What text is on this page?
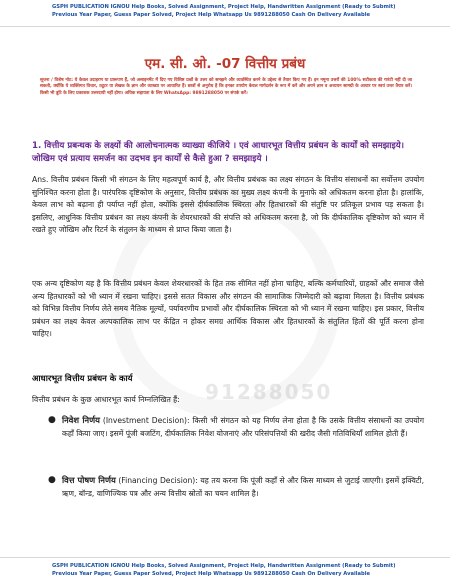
GSPH PUBLICATION IGNOU Help Books, Solved Assignment, Project Help, Handwritten Assignment (Ready to Submit)
Previous Year Paper, Guess Paper Solved, Project Help Whatsapp Us 9891288050 Cash On Delivery Available
91288050
एम. सी. ओ. -07 वित्तीय प्रबंध
सूचना / विशेष नोट: ये केवल उदाहरण या प्रारूपण हैं, जो असाइनमेंट में दिए गए विशिष्ट प्रश्नों के उत्तर को समझने और व्यवस्थित करने के उद्देश्य से तैयार किए गए हैं। इन नमूना उत्तरों की 100% सटीकता की गारंटी नहीं दी जा सकती, क्योंकि ये व्यक्तिगत विचार, ट्यूटर या लेखक के ज्ञान और व्याख्या पर आधारित हैं। छात्रों से अनुरोध है कि इनका उपयोग केवल मार्गदर्शन के रूप में करें और अपने ज्ञान व अध्ययन सामग्री के आधार पर स्वयं उत्तर तैयार करें। किसी भी त्रुटि के लिए प्रकाशक उत्तरदायी नहीं होगा। अधिक सहायता के लिए WhatsApp: 9891288050 पर संपर्क करें।
1. वित्तीय प्रबन्धक के लक्ष्यों की आलोचनात्मक व्याख्या कीजिये । एवं आधारभूत वित्तीय प्रबंधन के कार्यों को समझाइये। जोखिम एवं प्रत्याय समर्जन का उदभव इन कार्यों से कैसे हुआ ? समझाइये ।
Ans. वित्तीय प्रबंधन किसी भी संगठन के लिए महत्वपूर्ण कार्य है, और वित्तीय प्रबंधक का लक्ष्य संगठन के वित्तीय संसाधनों का सर्वोत्तम उपयोग सुनिश्चित करना होता है। पारंपरिक दृष्टिकोण के अनुसार, वित्तीय प्रबंधक का मुख्य लक्ष्य कंपनी के मुनाफे को अधिकतम करना होता है। हालांकि, केवल लाभ को बढ़ाना ही पर्याप्त नहीं होता, क्योंकि इससे दीर्घकालिक स्थिरता और हितधारकों की संतुष्टि पर प्रतिकूल प्रभाव पड़ सकता है। इसलिए, आधुनिक वित्तीय प्रबंधन का लक्ष्य कंपनी के शेयरधारकों की संपत्ति को अधिकतम करना है, जो कि दीर्घकालिक दृष्टिकोण को ध्यान में रखते हुए जोखिम और रिटर्न के संतुलन के माध्यम से प्राप्त किया जाता है।
एक अन्य दृष्टिकोण यह है कि वित्तीय प्रबंधन केवल शेयरधारकों के हित तक सीमित नहीं होना चाहिए, बल्कि कर्मचारियों, ग्राहकों और समाज जैसे अन्य हितधारकों को भी ध्यान में रखना चाहिए। इससे सतत विकास और संगठन की सामाजिक जिम्मेदारी को बढ़ावा मिलता है। वित्तीय प्रबंधक को विभिन्न वित्तीय निर्णय लेते समय नैतिक मूल्यों, पर्यावरणीय प्रभावों और दीर्घकालिक स्थिरता को भी ध्यान में रखना चाहिए। इस प्रकार, वित्तीय प्रबंधन का लक्ष्य केवल अल्पकालिक लाभ पर केंद्रित न होकर समग्र आर्थिक विकास और हितधारकों के संतुलित हितों की पूर्ति करना होना चाहिए।
आधारभूत वित्तीय प्रबंधन के कार्य
वित्तीय प्रबंधन के कुछ आधारभूत कार्य निम्नलिखित हैं:
● निवेश निर्णय (Investment Decision): किसी भी संगठन को यह निर्णय लेना होता है कि उसके वित्तीय संसाधनों का उपयोग कहाँ किया जाए। इसमें पूंजी बजटिंग, दीर्घकालिक निवेश योजनाएं और परिसंपत्तियों की खरीद जैसी गतिविधियाँ शामिल होती हैं।
● वित्त पोषण निर्णय (Financing Decision): यह तय करना कि पूंजी कहाँ से और किस माध्यम से जुटाई जाएगी। इसमें इक्विटी, ऋण, बॉन्ड, वाणिज्यिक पत्र और अन्य वित्तीय स्रोतों का चयन शामिल है।
GSPH PUBLICATION IGNOU Help Books, Solved Assignment, Project Help, Handwritten Assignment (Ready to Submit)
Previous Year Paper, Guess Paper Solved, Project Help Whatsapp Us 9891288050 Cash On Delivery Available
